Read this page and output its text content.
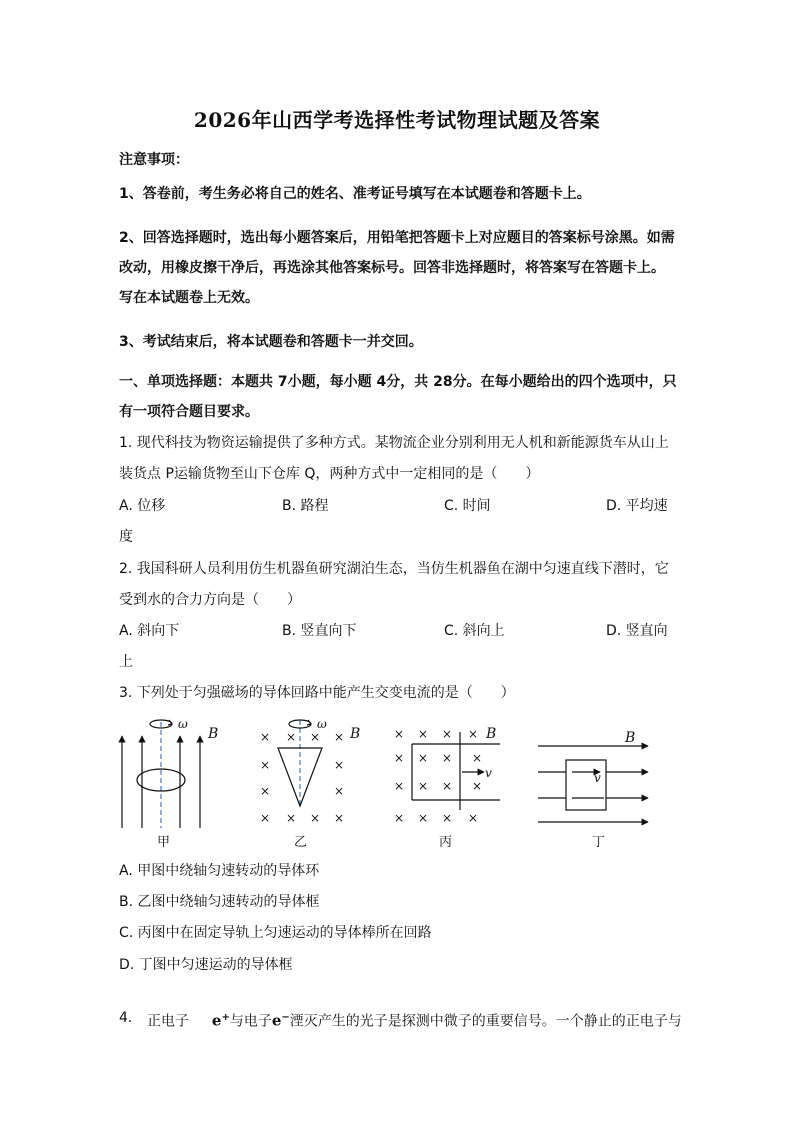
2026年山西学考选择性考试物理试题及答案
注意事项：
1、答卷前，考生务必将自己的姓名、准考证号填写在本试题卷和答题卡上。
2、回答选择题时，选出每小题答案后，用铅笔把答题卡上对应题目的答案标号涂黑。如需
改动，用橡皮擦干净后，再选涂其他答案标号。回答非选择题时，将答案写在答题卡上。
写在本试题卷上无效。
3、考试结束后，将本试题卷和答题卡一并交回。
一、单项选择题：本题共 7小题，每小题 4分，共 28分。在每小题给出的四个选项中，只
有一项符合题目要求。
1. 现代科技为物资运输提供了多种方式。某物流企业分别利用无人机和新能源货车从山上
装货点 P运输货物至山下仓库 Q，两种方式中一定相同的是（　　）
A. 位移	B. 路程	C. 时间	D. 平均速
度
2. 我国科研人员利用仿生机器鱼研究湖泊生态，当仿生机器鱼在湖中匀速直线下潜时，它
受到水的合力方向是（　　）
A. 斜向下	B. 竖直向下	C. 斜向上	D. 竖直向
上
3. 下列处于匀强磁场的导体回路中能产生交变电流的是（　　）
ω
B
甲
× × × ×
×	×
×	×
× × × ×
ω
B
乙
× × × ×
× × × ×
× × × ×
× × × ×
v
B
丙
B
v
丁
A. 甲图中绕轴匀速转动的导体环
B. 乙图中绕轴匀速转动的导体框
C. 丙图中在固定导轨上匀速运动的导体棒所在回路
D. 丁图中匀速运动的导体框
4. 正电子 e+与电子e−湮灭产生的光子是探测中微子的重要信号。一个静止的正电子与
